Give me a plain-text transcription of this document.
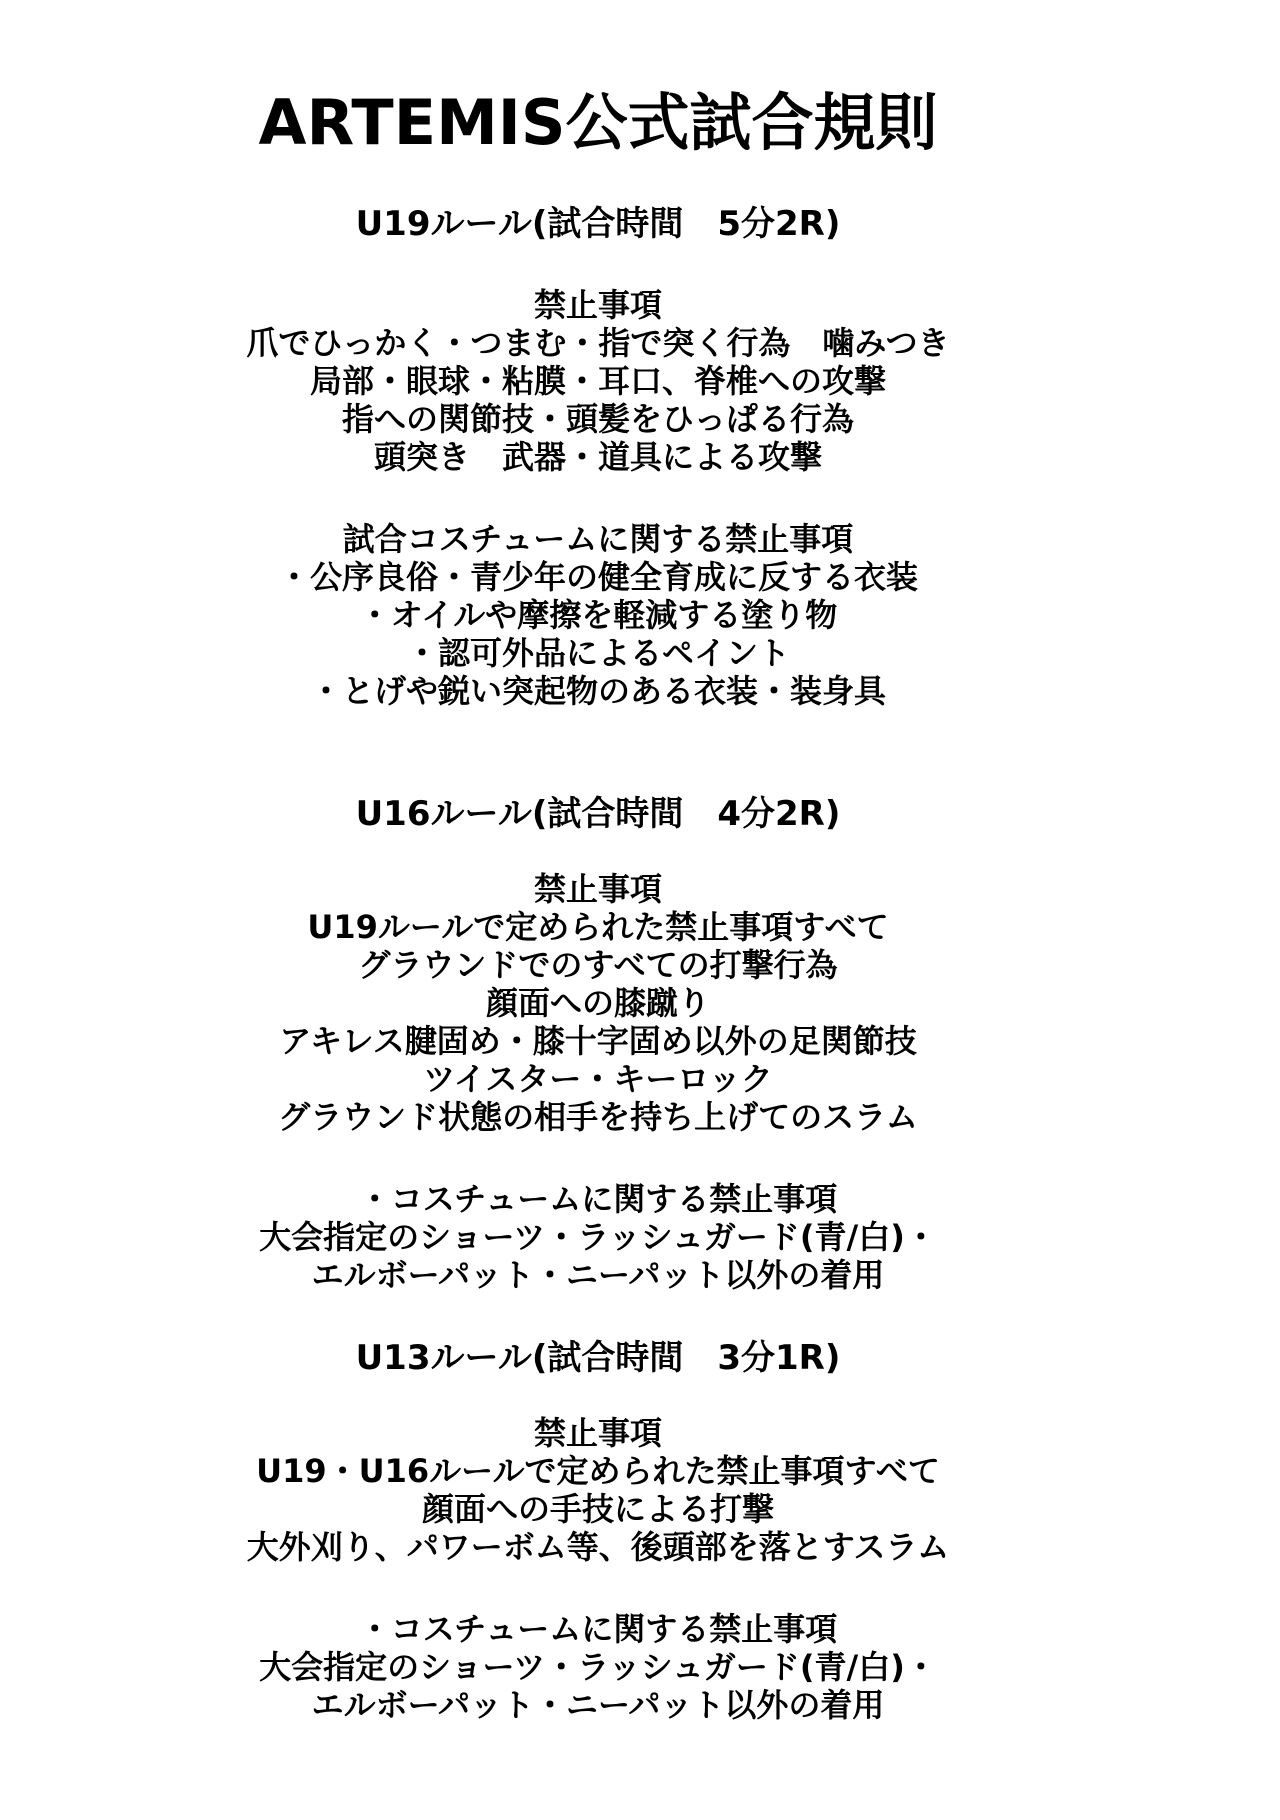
ARTEMIS公式試合規則
U19ルール(試合時間　5分2R)
禁止事項
爪でひっかく・つまむ・指で突く行為　噛みつき
局部・眼球・粘膜・耳口、脊椎への攻撃
指への関節技・頭髪をひっぱる行為
頭突き　武器・道具による攻撃
試合コスチュームに関する禁止事項
・公序良俗・青少年の健全育成に反する衣装
・オイルや摩擦を軽減する塗り物
・認可外品によるペイント
・とげや鋭い突起物のある衣装・装身具
U16ルール(試合時間　4分2R)
禁止事項
U19ルールで定められた禁止事項すべて
グラウンドでのすべての打撃行為
顔面への膝蹴り
アキレス腱固め・膝十字固め以外の足関節技
ツイスター・キーロック
グラウンド状態の相手を持ち上げてのスラム
・コスチュームに関する禁止事項
大会指定のショーツ・ラッシュガード(青/白)・
エルボーパット・ニーパット以外の着用
U13ルール(試合時間　3分1R)
禁止事項
U19・U16ルールで定められた禁止事項すべて
顔面への手技による打撃
大外刈り、パワーボム等、後頭部を落とすスラム
・コスチュームに関する禁止事項
大会指定のショーツ・ラッシュガード(青/白)・
エルボーパット・ニーパット以外の着用
